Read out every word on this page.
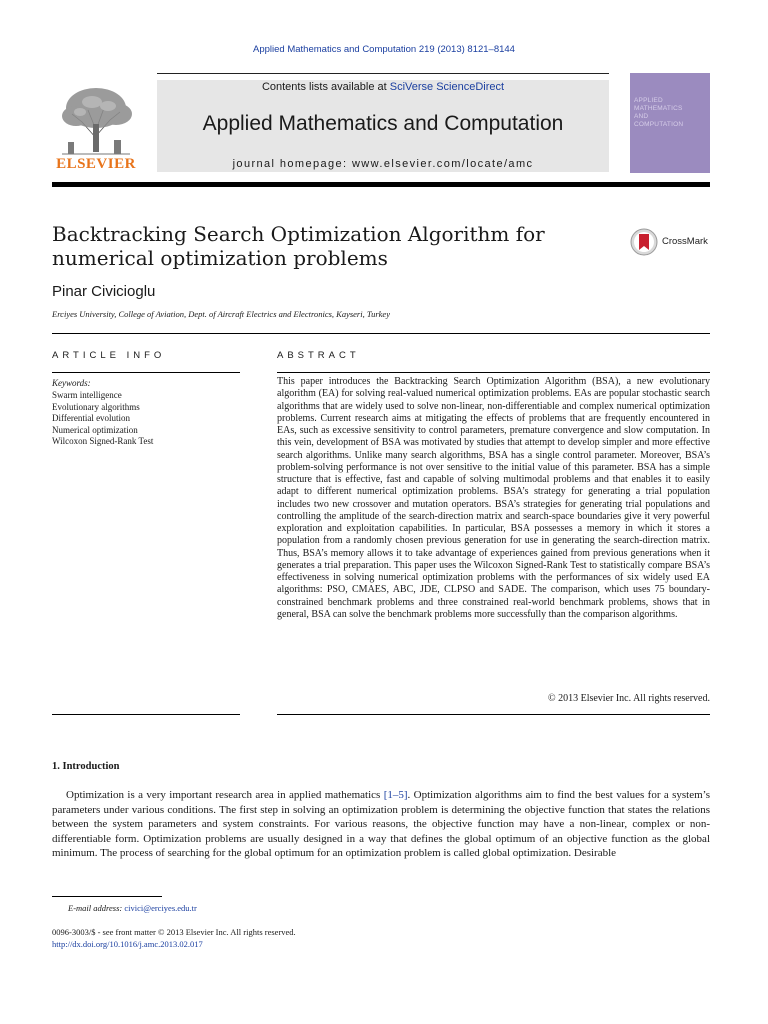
Applied Mathematics and Computation 219 (2013) 8121–8144
Contents lists available at SciVerse ScienceDirect
Applied Mathematics and Computation
journal homepage: www.elsevier.com/locate/amc
ELSEVIER
APPLIED
MATHEMATICS
AND
COMPUTATION
Backtracking Search Optimization Algorithm for numerical optimization problems
CrossMark
Pinar Civicioglu
Erciyes University, College of Aviation, Dept. of Aircraft Electrics and Electronics, Kayseri, Turkey
ARTICLE INFO
Keywords:
Swarm intelligence
Evolutionary algorithms
Differential evolution
Numerical optimization
Wilcoxon Signed-Rank Test
ABSTRACT
This paper introduces the Backtracking Search Optimization Algorithm (BSA), a new evolutionary algorithm (EA) for solving real-valued numerical optimization problems. EAs are popular stochastic search algorithms that are widely used to solve non-linear, non-differentiable and complex numerical optimization problems. Current research aims at mitigating the effects of problems that are frequently encountered in EAs, such as excessive sensitivity to control parameters, premature convergence and slow computation. In this vein, development of BSA was motivated by studies that attempt to develop simpler and more effective search algorithms. Unlike many search algorithms, BSA has a single control parameter. Moreover, BSA’s problem-solving performance is not over sensitive to the initial value of this parameter. BSA has a simple structure that is effective, fast and capable of solving multimodal problems and that enables it to easily adapt to different numerical optimization problems. BSA’s strategy for generating a trial population includes two new crossover and mutation operators. BSA’s strategies for generating trial populations and controlling the amplitude of the search-direction matrix and search-space boundaries give it very powerful exploration and exploitation capabilities. In particular, BSA possesses a memory in which it stores a population from a randomly chosen previous generation for use in generating the search-direction matrix. Thus, BSA’s memory allows it to take advantage of experiences gained from previous generations when it generates a trial preparation. This paper uses the Wilcoxon Signed-Rank Test to statistically compare BSA’s effectiveness in solving numerical optimization problems with the performances of six widely used EA algorithms: PSO, CMAES, ABC, JDE, CLPSO and SADE. The comparison, which uses 75 boundary-constrained benchmark problems and three constrained real-world benchmark problems, shows that in general, BSA can solve the benchmark problems more successfully than the comparison algorithms.
© 2013 Elsevier Inc. All rights reserved.
1. Introduction
Optimization is a very important research area in applied mathematics [1–5]. Optimization algorithms aim to find the best values for a system’s parameters under various conditions. The first step in solving an optimization problem is determining the objective function that states the relations between the system parameters and system constraints. For various reasons, the objective function may have a non-linear, complex or non-differentiable form. Optimization problems are usually designed in a way that defines the global optimum of an objective function as the global minimum. The process of searching for the global optimum for an optimization problem is called global optimization. Desirable
E-mail address: civici@erciyes.edu.tr
0096-3003/$ - see front matter © 2013 Elsevier Inc. All rights reserved.
http://dx.doi.org/10.1016/j.amc.2013.02.017
